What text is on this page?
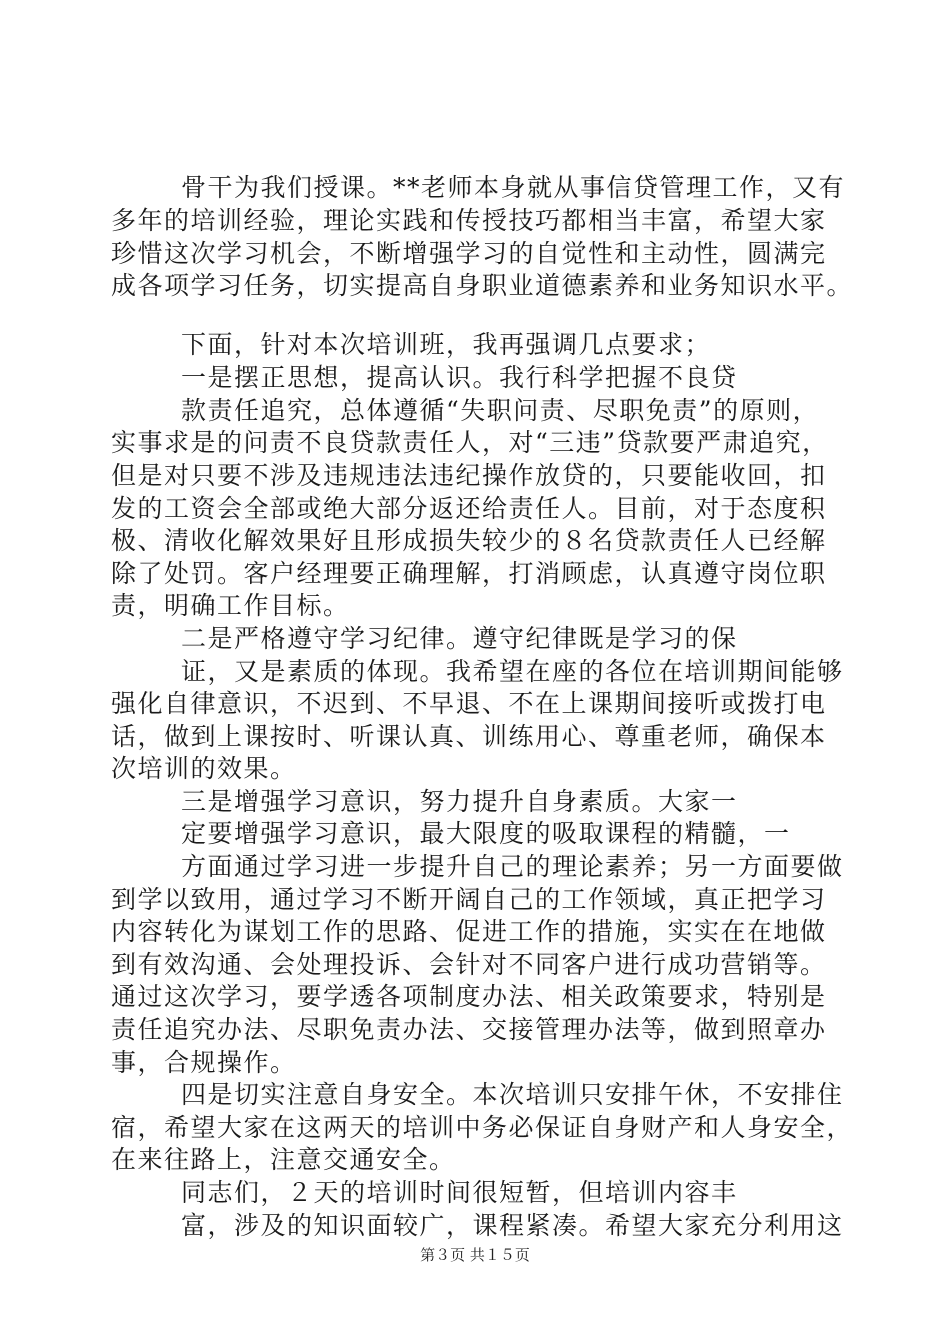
骨干为我们授课。**老师本身就从事信贷管理工作，又有
多年的培训经验，理论实践和传授技巧都相当丰富，希望大家
珍惜这次学习机会，不断增强学习的自觉性和主动性，圆满完
成各项学习任务，切实提高自身职业道德素养和业务知识水平。
下面，针对本次培训班，我再强调几点要求；
一是摆正思想，提高认识。我行科学把握不良贷
款责任追究，总体遵循“失职问责、尽职免责”的原则，
实事求是的问责不良贷款责任人，对“三违”贷款要严肃追究，
但是对只要不涉及违规违法违纪操作放贷的，只要能收回，扣
发的工资会全部或绝大部分返还给责任人。目前，对于态度积
极、清收化解效果好且形成损失较少的８名贷款责任人已经解
除了处罚。客户经理要正确理解，打消顾虑，认真遵守岗位职
责，明确工作目标。
二是严格遵守学习纪律。遵守纪律既是学习的保
证，又是素质的体现。我希望在座的各位在培训期间能够
强化自律意识，不迟到、不早退、不在上课期间接听或拨打电
话，做到上课按时、听课认真、训练用心、尊重老师，确保本
次培训的效果。
三是增强学习意识，努力提升自身素质。大家一
定要增强学习意识，最大限度的吸取课程的精髓，一
方面通过学习进一步提升自己的理论素养；另一方面要做
到学以致用，通过学习不断开阔自己的工作领域，真正把学习
内容转化为谋划工作的思路、促进工作的措施，实实在在地做
到有效沟通、会处理投诉、会针对不同客户进行成功营销等。
通过这次学习，要学透各项制度办法、相关政策要求，特别是
责任追究办法、尽职免责办法、交接管理办法等，做到照章办
事，合规操作。
四是切实注意自身安全。本次培训只安排午休，不安排住
宿，希望大家在这两天的培训中务必保证自身财产和人身安全，
在来往路上，注意交通安全。
同志们，２天的培训时间很短暂，但培训内容丰
富，涉及的知识面较广，课程紧凑。希望大家充分利用这
第３页 共１５页
